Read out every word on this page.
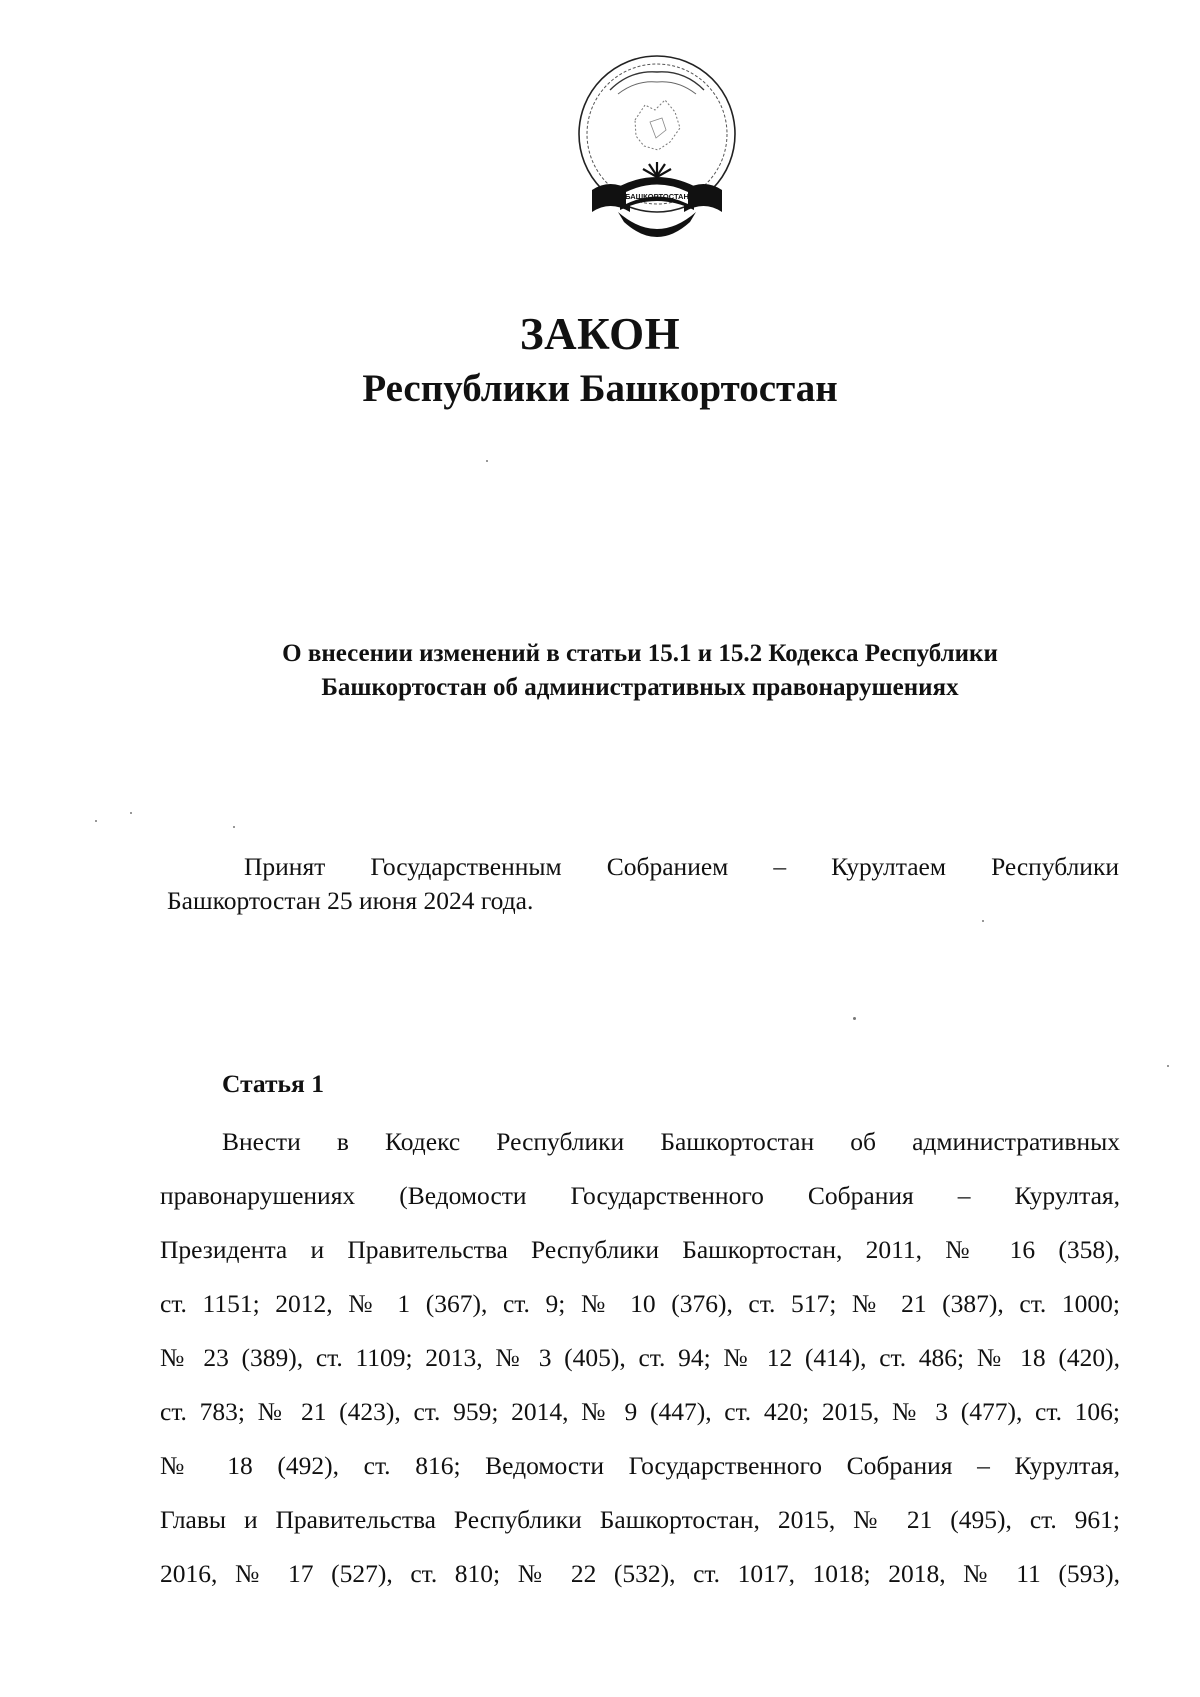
БАШКОРТОСТАН
ЗАКОН
Республики Башкортостан
О внесении изменений в статьи 15.1 и 15.2 Кодекса Республики
Башкортостан об административных правонарушениях
Принят Государственным Собранием – Курултаем Республики
Башкортостан 25 июня 2024 года.
Статья 1
Внести в Кодекс Республики Башкортостан об административных
правонарушениях (Ведомости Государственного Собрания – Курултая,
Президента и Правительства Республики Башкортостан, 2011, № 16 (358),
ст. 1151; 2012, № 1 (367), ст. 9; № 10 (376), ст. 517; № 21 (387), ст. 1000;
№ 23 (389), ст. 1109; 2013, № 3 (405), ст. 94; № 12 (414), ст. 486; № 18 (420),
ст. 783; № 21 (423), ст. 959; 2014, № 9 (447), ст. 420; 2015, № 3 (477), ст. 106;
№ 18 (492), ст. 816; Ведомости Государственного Собрания – Курултая,
Главы и Правительства Республики Башкортостан, 2015, № 21 (495), ст. 961;
2016, № 17 (527), ст. 810; № 22 (532), ст. 1017, 1018; 2018, № 11 (593),
